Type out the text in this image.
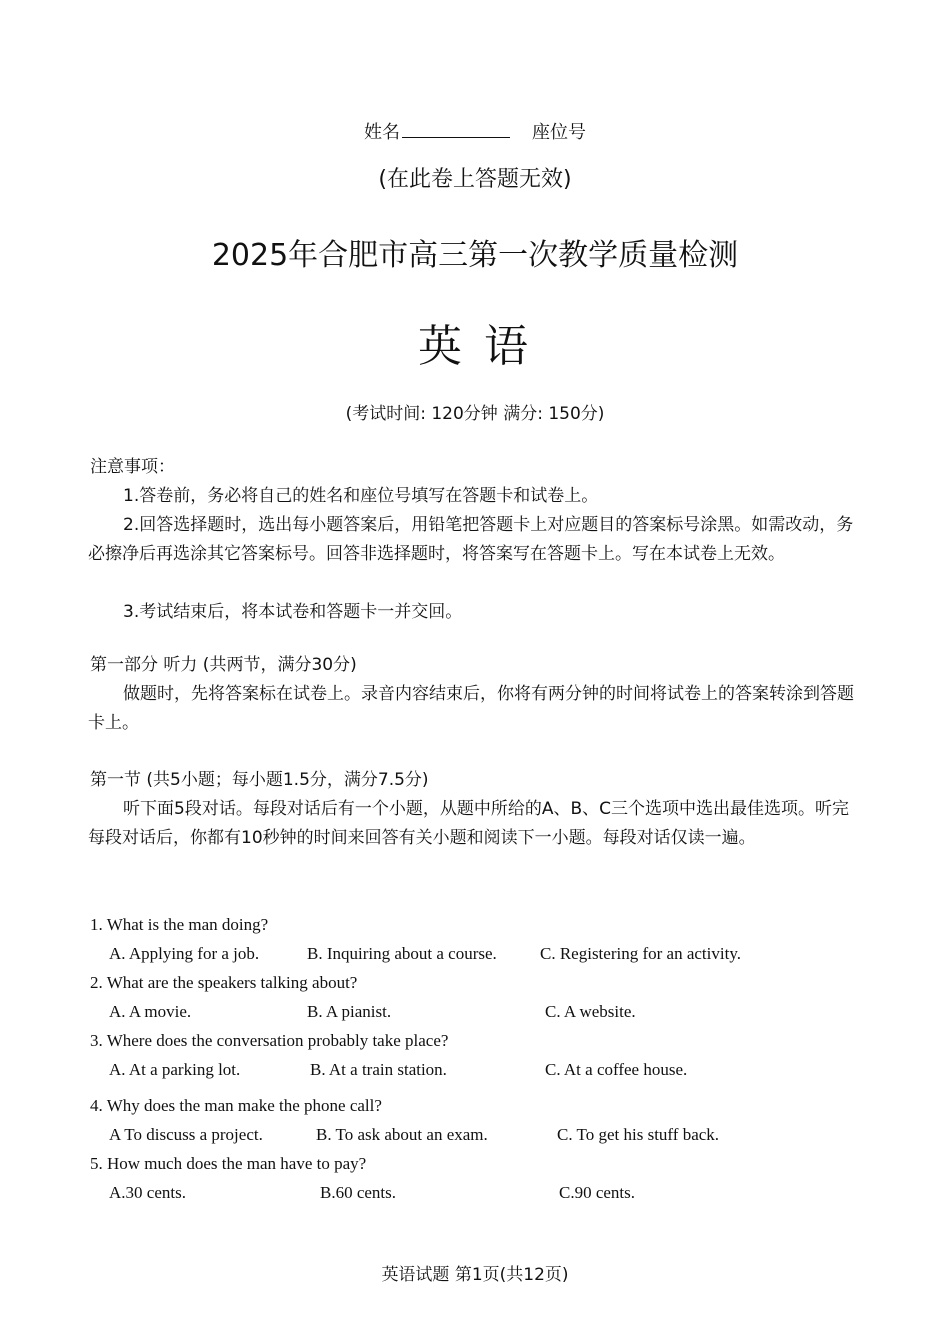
姓名	座位号
(在此卷上答题无效)
2025年合肥市高三第一次教学质量检测
英 语
(考试时间: 120分钟 满分: 150分)
注意事项：
1.答卷前，务必将自己的姓名和座位号填写在答题卡和试卷上。
2.回答选择题时，选出每小题答案后，用铅笔把答题卡上对应题目的答案标号涂黑。如需改动，务必擦净后再选涂其它答案标号。回答非选择题时，将答案写在答题卡上。写在本试卷上无效。
3.考试结束后，将本试卷和答题卡一并交回。
第一部分 听力 (共两节，满分30分)
做题时，先将答案标在试卷上。录音内容结束后，你将有两分钟的时间将试卷上的答案转涂到答题卡上。
第一节 (共5小题；每小题1.5分，满分7.5分)
听下面5段对话。每段对话后有一个小题，从题中所给的A、B、C三个选项中选出最佳选项。听完每段对话后，你都有10秒钟的时间来回答有关小题和阅读下一小题。每段对话仅读一遍。
1. What is the man doing?
A. Applying for a job.	B. Inquiring about a course.	C. Registering for an activity.
2. What are the speakers talking about?
A. A movie.	B. A pianist.	C. A website.
3. Where does the conversation probably take place?
A. At a parking lot.	B. At a train station.	C. At a coffee house.
4. Why does the man make the phone call?
A To discuss a project.	B. To ask about an exam.	C. To get his stuff back.
5. How much does the man have to pay?
A.30 cents.	B.60 cents.	C.90 cents.
英语试题 第1页(共12页)
